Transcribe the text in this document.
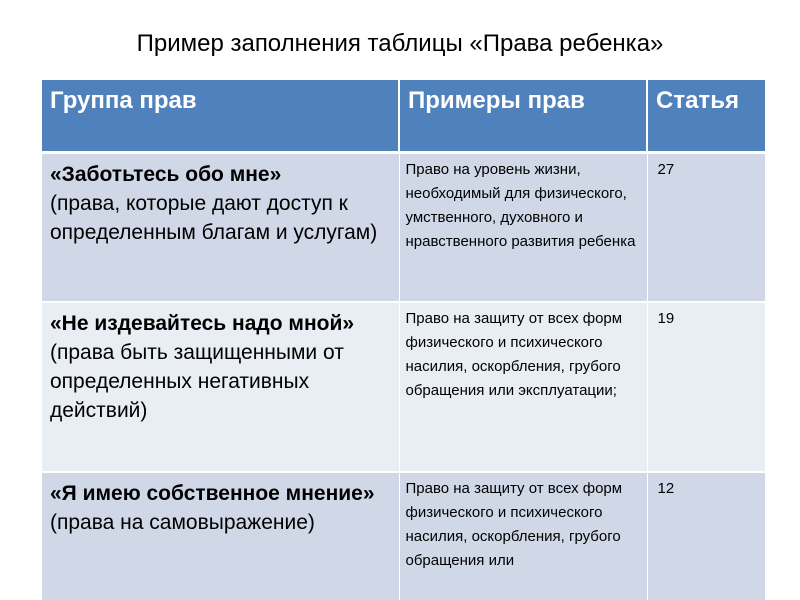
Пример заполнения таблицы «Права ребенка»
Группа прав	Примеры прав	Статья

«Заботьтесь обо мне»
(права, которые дают доступ к определенным благам и услугам)	Право на уровень жизни, необходимый для физического, умственного, духовного и нравственного развития ребенка	27

«Не издевайтесь надо мной»
(права быть защищенными от определенных негативных действий)	Право на защиту от всех форм физического и психического насилия, оскорбления, грубого обращения или эксплуатации;	19

«Я имею собственное мнение»
(права на самовыражение)	Право на защиту от всех форм физического и психического насилия, оскорбления, грубого обращения или	12
